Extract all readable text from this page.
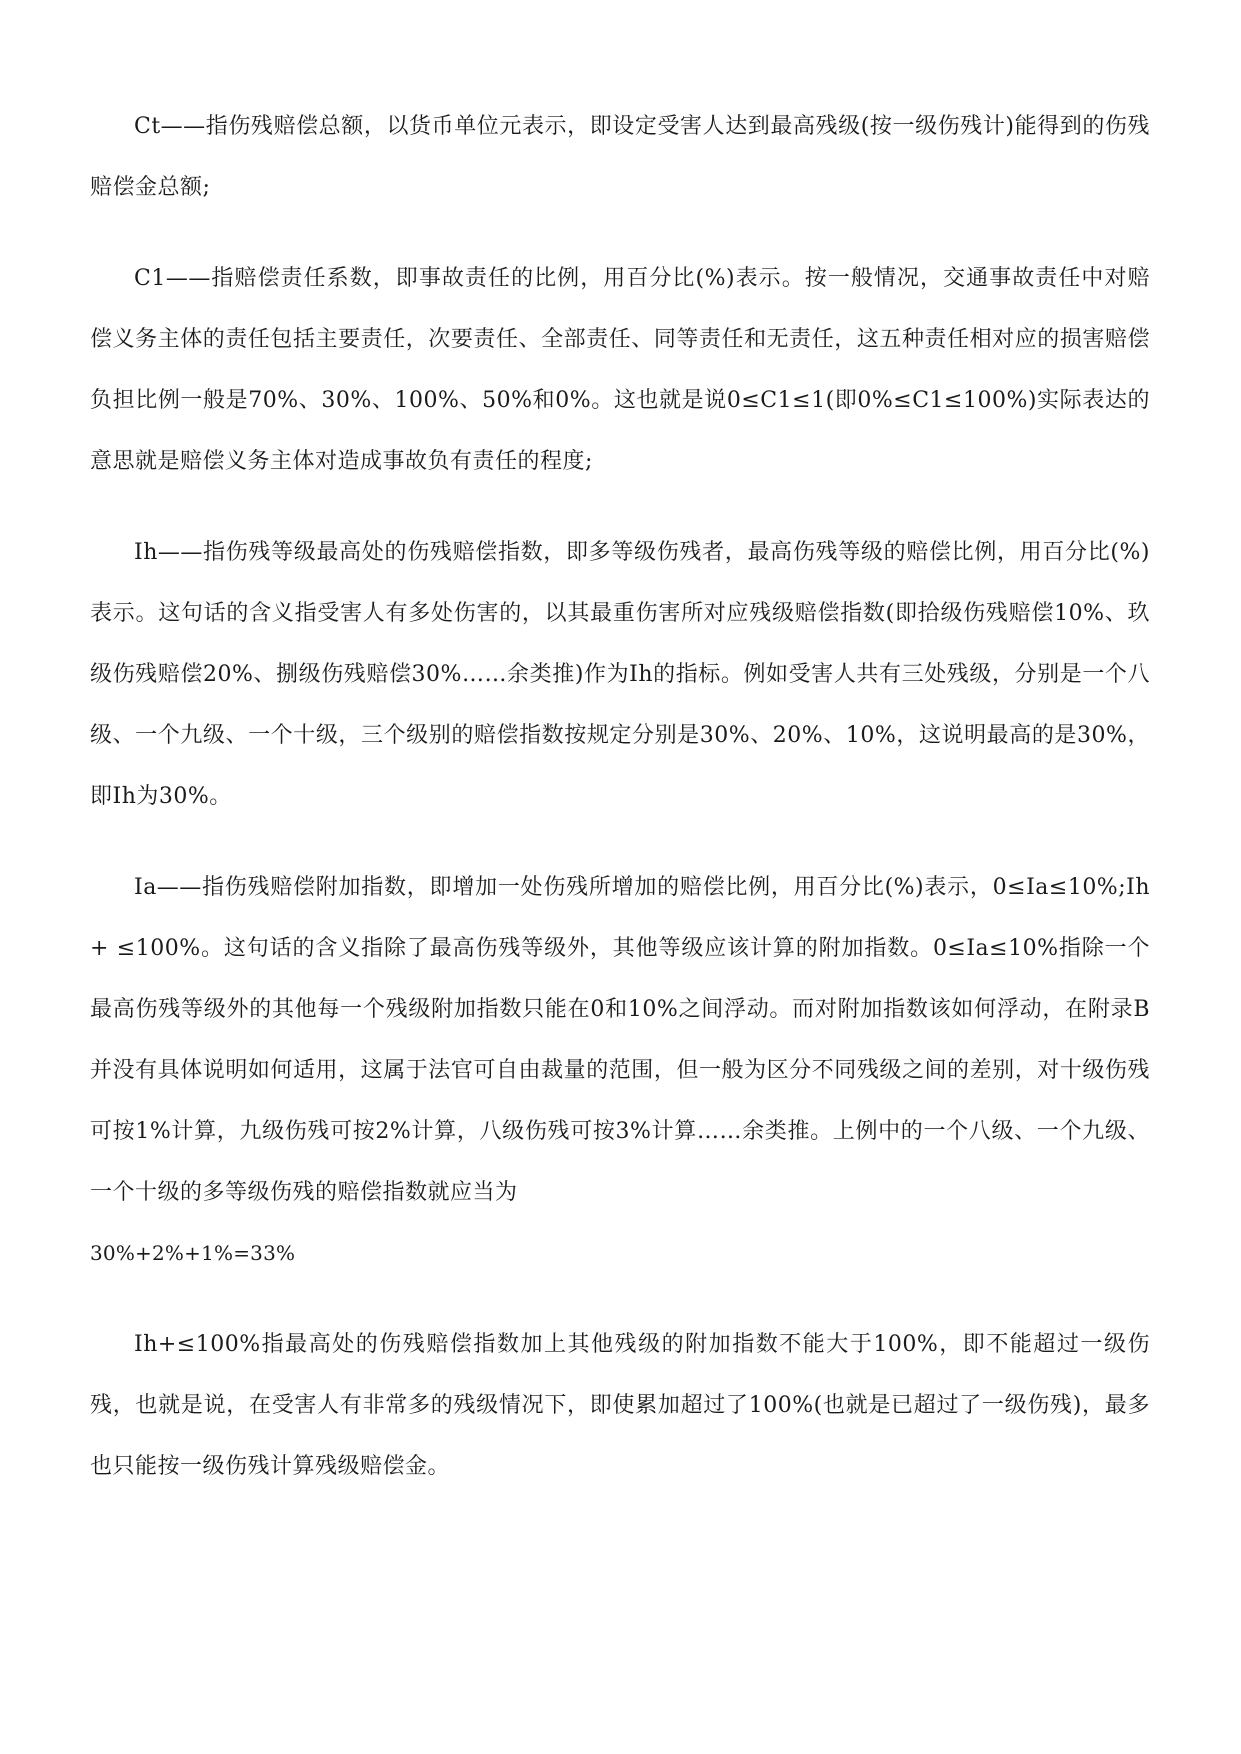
Ct——指伤残赔偿总额，以货币单位元表示，即设定受害人达到最高残级(按一级伤残计)能得到的伤残赔偿金总额;

C1——指赔偿责任系数，即事故责任的比例，用百分比(%)表示。按一般情况，交通事故责任中对赔偿义务主体的责任包括主要责任，次要责任、全部责任、同等责任和无责任，这五种责任相对应的损害赔偿负担比例一般是70%、30%、100%、50%和0%。这也就是说0≤C1≤1(即0%≤C1≤100%)实际表达的意思就是赔偿义务主体对造成事故负有责任的程度;

Ih——指伤残等级最高处的伤残赔偿指数，即多等级伤残者，最高伤残等级的赔偿比例，用百分比(%)表示。这句话的含义指受害人有多处伤害的，以其最重伤害所对应残级赔偿指数(即拾级伤残赔偿10%、玖级伤残赔偿20%、捌级伤残赔偿30%……余类推)作为Ih的指标。例如受害人共有三处残级，分别是一个八级、一个九级、一个十级，三个级别的赔偿指数按规定分别是30%、20%、10%，这说明最高的是30%，即Ih为30%。

Ia——指伤残赔偿附加指数，即增加一处伤残所增加的赔偿比例，用百分比(%)表示，0≤Ia≤10%;Ih + ≤100%。这句话的含义指除了最高伤残等级外，其他等级应该计算的附加指数。0≤Ia≤10%指除一个最高伤残等级外的其他每一个残级附加指数只能在0和10%之间浮动。而对附加指数该如何浮动，在附录B并没有具体说明如何适用，这属于法官可自由裁量的范围，但一般为区分不同残级之间的差别，对十级伤残可按1%计算，九级伤残可按2%计算，八级伤残可按3%计算……余类推。上例中的一个八级、一个九级、一个十级的多等级伤残的赔偿指数就应当为

30%+2%+1%=33%

Ih+≤100%指最高处的伤残赔偿指数加上其他残级的附加指数不能大于100%，即不能超过一级伤残，也就是说，在受害人有非常多的残级情况下，即使累加超过了100%(也就是已超过了一级伤残)，最多也只能按一级伤残计算残级赔偿金。
